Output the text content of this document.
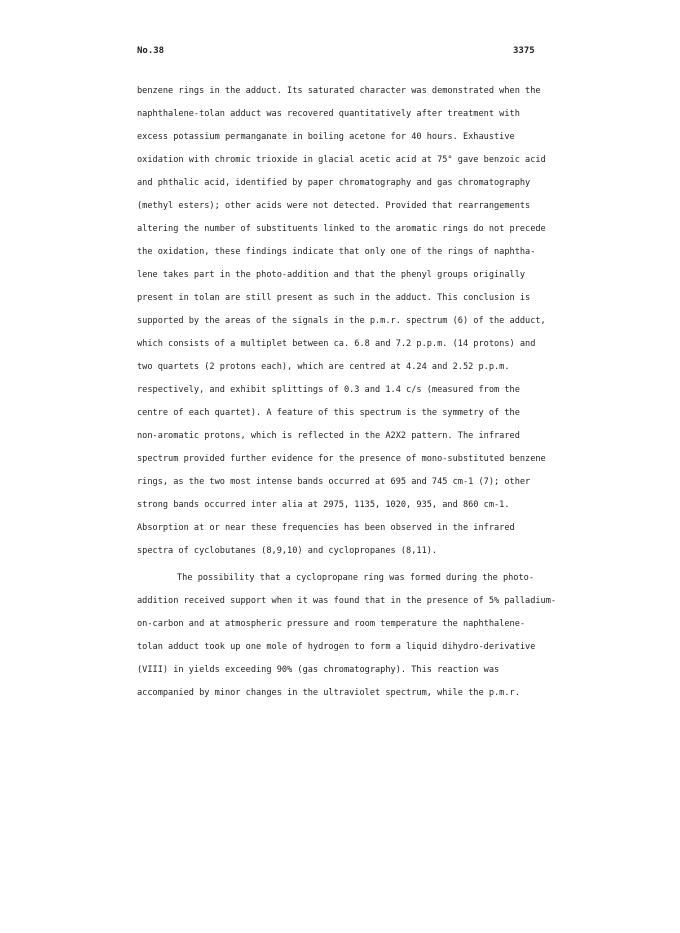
No.38	3375
benzene rings in the adduct. Its saturated character was demonstrated when the
naphthalene-tolan adduct was recovered quantitatively after treatment with
excess potassium permanganate in boiling acetone for 40 hours. Exhaustive
oxidation with chromic trioxide in glacial acetic acid at 75° gave benzoic acid
and phthalic acid, identified by paper chromatography and gas chromatography
(methyl esters); other acids were not detected. Provided that rearrangements
altering the number of substituents linked to the aromatic rings do not precede
the oxidation, these findings indicate that only one of the rings of naphtha-
lene takes part in the photo-addition and that the phenyl groups originally
present in tolan are still present as such in the adduct. This conclusion is
supported by the areas of the signals in the p.m.r. spectrum (6) of the adduct,
which consists of a multiplet between ca. 6.8 and 7.2 p.p.m. (14 protons) and
two quartets (2 protons each), which are centred at 4.24 and 2.52 p.p.m.
respectively, and exhibit splittings of 0.3 and 1.4 c/s (measured from the
centre of each quartet). A feature of this spectrum is the symmetry of the
non-aromatic protons, which is reflected in the A2X2 pattern. The infrared
spectrum provided further evidence for the presence of mono-substituted benzene
rings, as the two most intense bands occurred at 695 and 745 cm-1 (7); other
strong bands occurred inter alia at 2975, 1135, 1020, 935, and 860 cm-1.
Absorption at or near these frequencies has been observed in the infrared
spectra of cyclobutanes (8,9,10) and cyclopropanes (8,11).
The possibility that a cyclopropane ring was formed during the photo-
addition received support when it was found that in the presence of 5% palladium-
on-carbon and at atmospheric pressure and room temperature the naphthalene-
tolan adduct took up one mole of hydrogen to form a liquid dihydro-derivative
(VIII) in yields exceeding 90% (gas chromatography). This reaction was
accompanied by minor changes in the ultraviolet spectrum, while the p.m.r.
